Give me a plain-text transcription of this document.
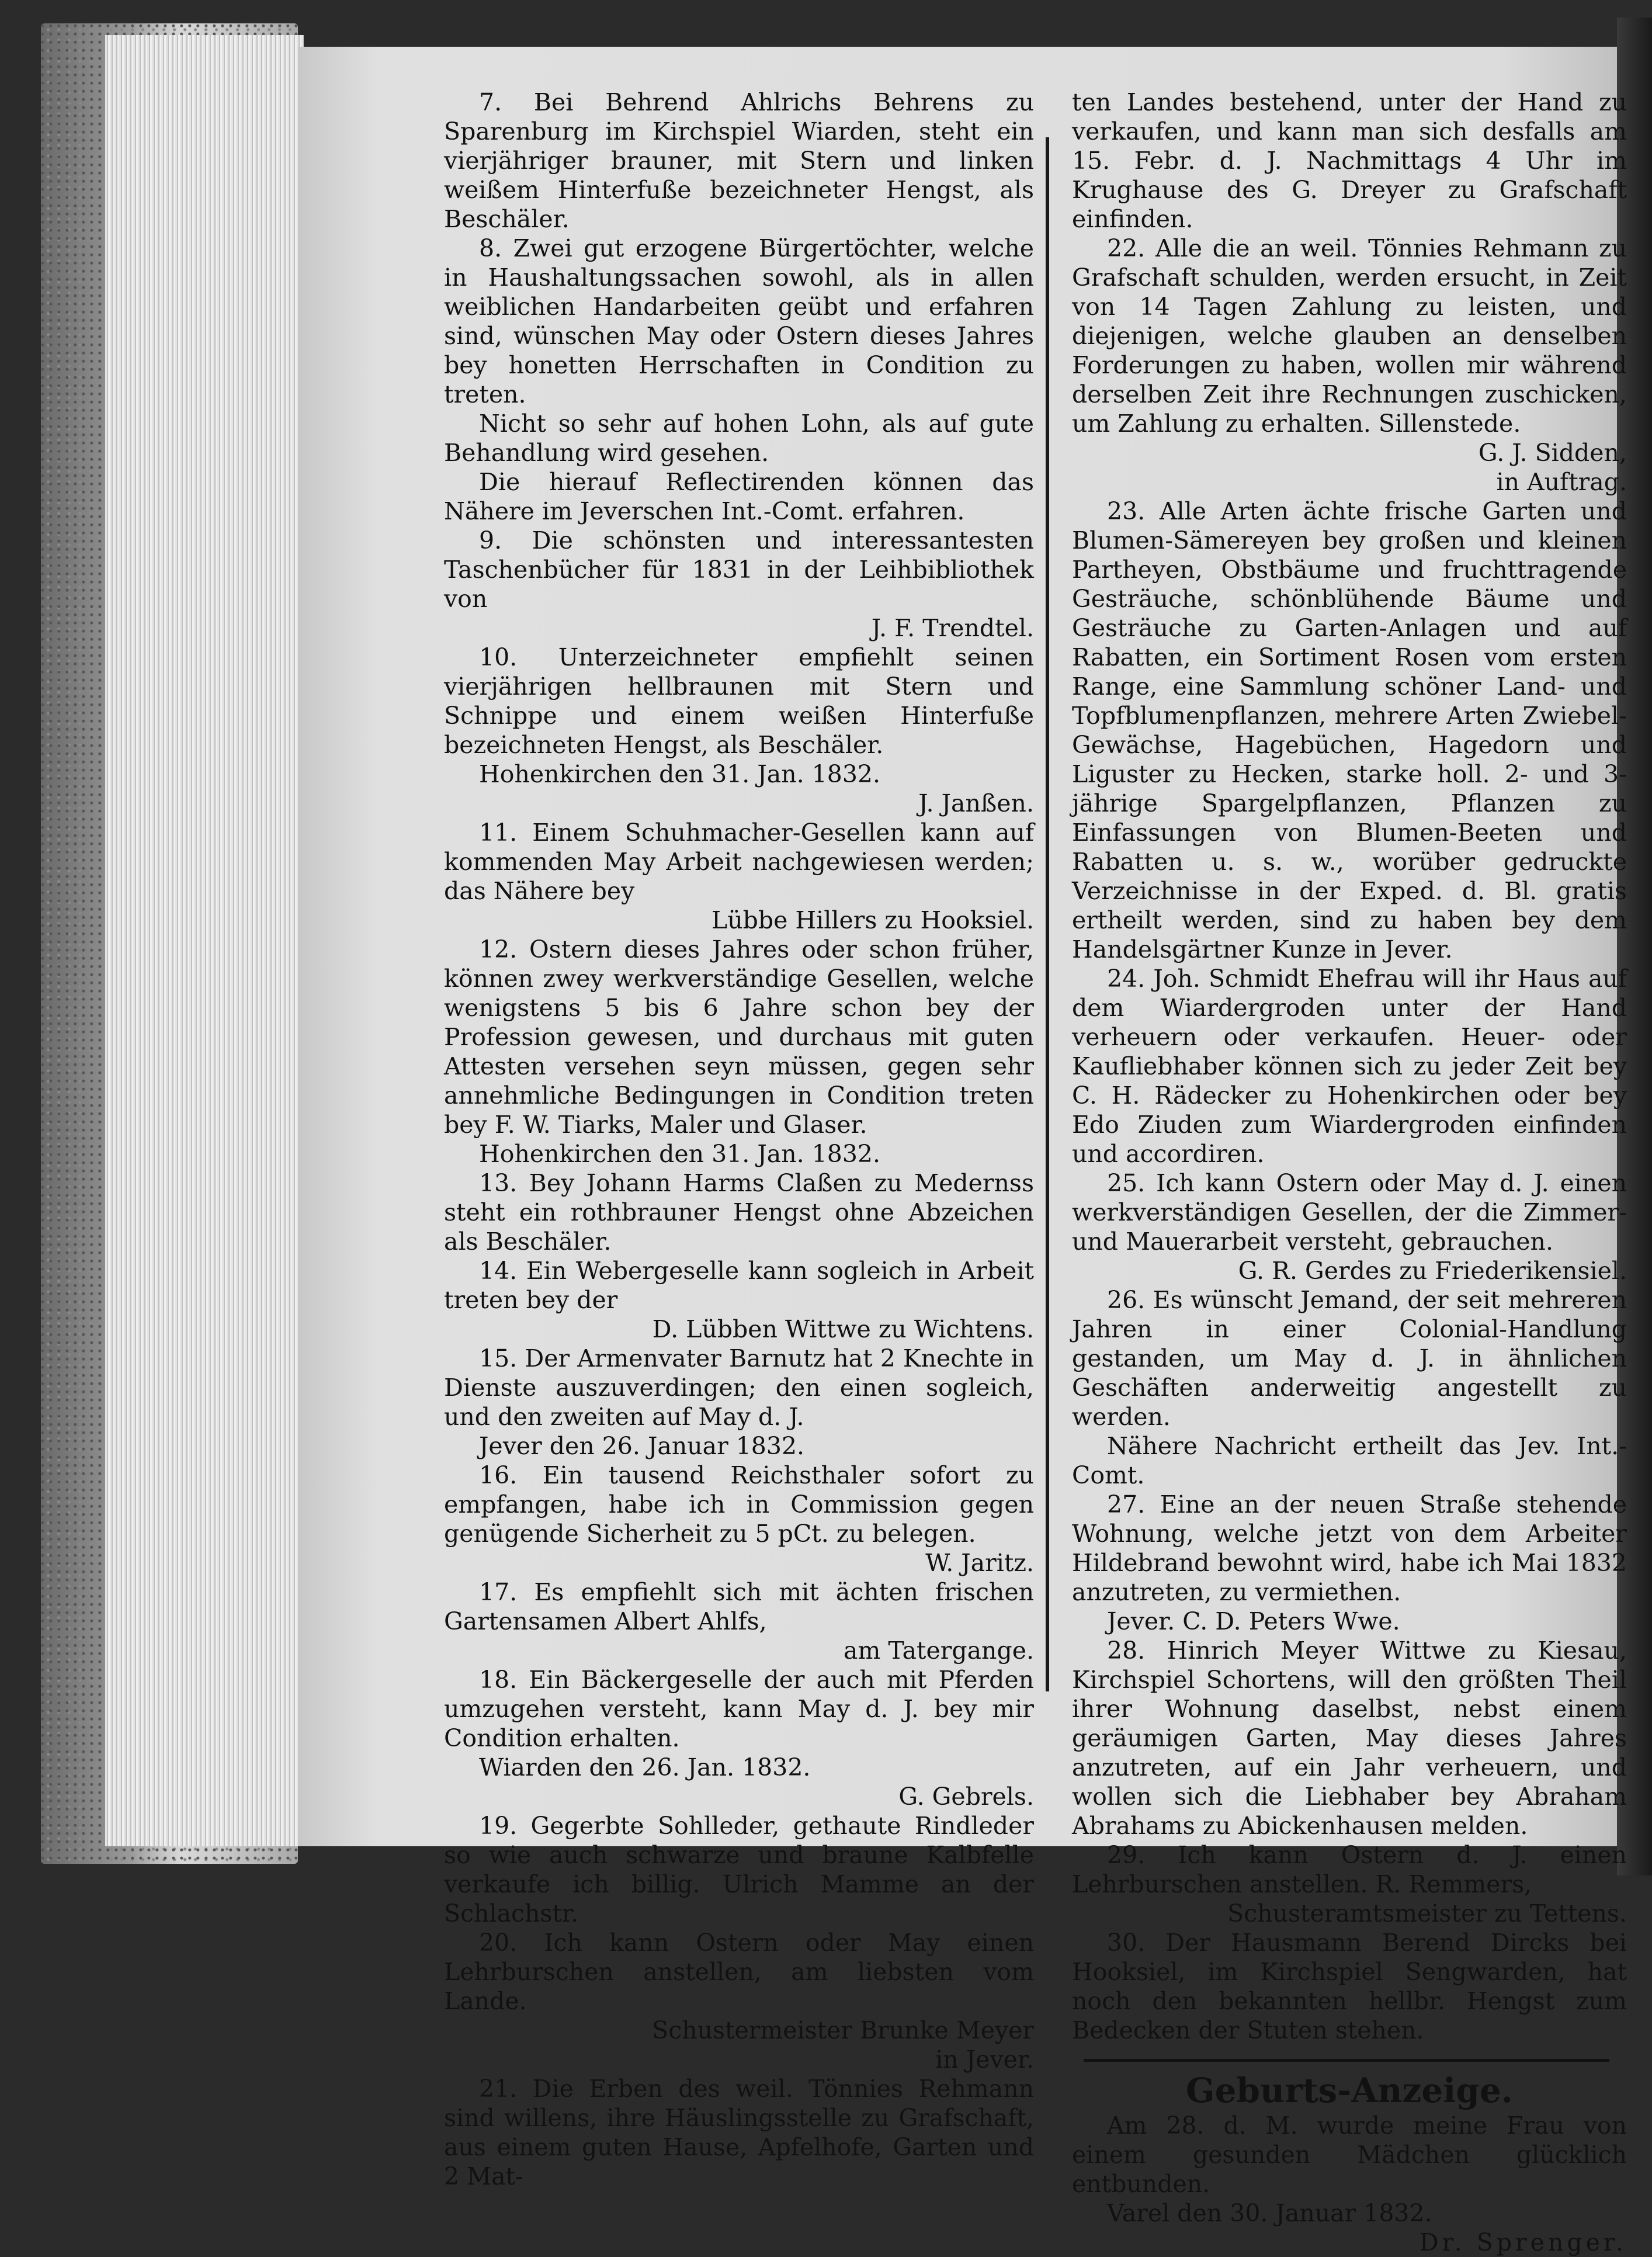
7. Bei Behrend Ahlrichs Behrens zu Sparenburg im Kirchspiel Wiarden, steht ein vierjähriger brauner, mit Stern und linken weißem Hinterfuße bezeichneter Hengst, als Beschäler.

8. Zwei gut erzogene Bürgertöchter, welche in Haushaltungssachen sowohl, als in allen weiblichen Handarbeiten geübt und erfahren sind, wünschen May oder Ostern dieses Jahres bey honetten Herrschaften in Condition zu treten.

Nicht so sehr auf hohen Lohn, als auf gute Behandlung wird gesehen.

Die hierauf Reflectirenden können das Nähere im Jeverschen Int.-Comt. erfahren.

9. Die schönsten und interessantesten Taschenbücher für 1831 in der Leihbibliothek von

J. F. Trendtel.

10. Unterzeichneter empfiehlt seinen vierjährigen hellbraunen mit Stern und Schnippe und einem weißen Hinterfuße bezeichneten Hengst, als Beschäler.

Hohenkirchen den 31. Jan. 1832.

J. Janßen.

11. Einem Schuhmacher-Gesellen kann auf kommenden May Arbeit nachgewiesen werden; das Nähere bey

Lübbe Hillers zu Hooksiel.

12. Ostern dieses Jahres oder schon früher, können zwey werkverständige Gesellen, welche wenigstens 5 bis 6 Jahre schon bey der Profession gewesen, und durchaus mit guten Attesten versehen seyn müssen, gegen sehr annehmliche Bedingungen in Condition treten bey F. W. Tiarks, Maler und Glaser.

Hohenkirchen den 31. Jan. 1832.

13. Bey Johann Harms Claßen zu Medernss steht ein rothbrauner Hengst ohne Abzeichen als Beschäler.

14. Ein Webergeselle kann sogleich in Arbeit treten bey der

D. Lübben Wittwe zu Wichtens.

15. Der Armenvater Barnutz hat 2 Knechte in Dienste auszuverdingen; den einen sogleich, und den zweiten auf May d. J.

Jever den 26. Januar 1832.

16. Ein tausend Reichsthaler sofort zu empfangen, habe ich in Commission gegen genügende Sicherheit zu 5 pCt. zu belegen.

W. Jaritz.

17. Es empfiehlt sich mit ächten frischen Gartensamen Albert Ahlfs,

am Tatergange.

18. Ein Bäckergeselle der auch mit Pferden umzugehen versteht, kann May d. J. bey mir Condition erhalten.

Wiarden den 26. Jan. 1832.

G. Gebrels.

19. Gegerbte Sohlleder, gethaute Rindleder so wie auch schwarze und braune Kalbfelle verkaufe ich billig. Ulrich Mamme an der Schlachstr.

20. Ich kann Ostern oder May einen Lehrburschen anstellen, am liebsten vom Lande.

Schustermeister Brunke Meyer

in Jever.

21. Die Erben des weil. Tönnies Rehmann sind willens, ihre Häuslingsstelle zu Grafschaft, aus einem guten Hause, Apfelhofe, Garten und 2 Mat-

ten Landes bestehend, unter der Hand zu verkaufen, und kann man sich desfalls am 15. Febr. d. J. Nachmittags 4 Uhr im Krughause des G. Dreyer zu Grafschaft einfinden.

22. Alle die an weil. Tönnies Rehmann zu Grafschaft schulden, werden ersucht, in Zeit von 14 Tagen Zahlung zu leisten, und diejenigen, welche glauben an denselben Forderungen zu haben, wollen mir während derselben Zeit ihre Rechnungen zuschicken, um Zahlung zu erhalten. Sillenstede.

G. J. Sidden,

in Auftrag.

23. Alle Arten ächte frische Garten und Blumen-Sämereyen bey großen und kleinen Partheyen, Obstbäume und fruchttragende Gesträuche, schönblühende Bäume und Gesträuche zu Garten-Anlagen und auf Rabatten, ein Sortiment Rosen vom ersten Range, eine Sammlung schöner Land- und Topfblumenpflanzen, mehrere Arten Zwiebel-Gewächse, Hagebüchen, Hagedorn und Liguster zu Hecken, starke holl. 2- und 3-jährige Spargelpflanzen, Pflanzen zu Einfassungen von Blumen-Beeten und Rabatten u. s. w., worüber gedruckte Verzeichnisse in der Exped. d. Bl. gratis ertheilt werden, sind zu haben bey dem Handelsgärtner Kunze in Jever.

24. Joh. Schmidt Ehefrau will ihr Haus auf dem Wiardergroden unter der Hand verheuern oder verkaufen. Heuer- oder Kaufliebhaber können sich zu jeder Zeit bey C. H. Rädecker zu Hohenkirchen oder bey Edo Ziuden zum Wiardergroden einfinden und accordiren.

25. Ich kann Ostern oder May d. J. einen werkverständigen Gesellen, der die Zimmer- und Mauerarbeit versteht, gebrauchen.

G. R. Gerdes zu Friederikensiel.

26. Es wünscht Jemand, der seit mehreren Jahren in einer Colonial-Handlung gestanden, um May d. J. in ähnlichen Geschäften anderweitig angestellt zu werden.

Nähere Nachricht ertheilt das Jev. Int.-Comt.

27. Eine an der neuen Straße stehende Wohnung, welche jetzt von dem Arbeiter Hildebrand bewohnt wird, habe ich Mai 1832 anzutreten, zu vermiethen.

Jever. C. D. Peters Wwe.

28. Hinrich Meyer Wittwe zu Kiesau, Kirchspiel Schortens, will den größten Theil ihrer Wohnung daselbst, nebst einem geräumigen Garten, May dieses Jahres anzutreten, auf ein Jahr verheuern, und wollen sich die Liebhaber bey Abraham Abrahams zu Abickenhausen melden.

29. Ich kann Ostern d. J. einen Lehrburschen anstellen. R. Remmers,

Schusteramtsmeister zu Tettens.

30. Der Hausmann Berend Dircks bei Hooksiel, im Kirchspiel Sengwarden, hat noch den bekannten hellbr. Hengst zum Bedecken der Stuten stehen.

Geburts-Anzeige.

Am 28. d. M. wurde meine Frau von einem gesunden Mädchen glücklich entbunden.

Varel den 30. Januar 1832.

Dr. Sprenger.
